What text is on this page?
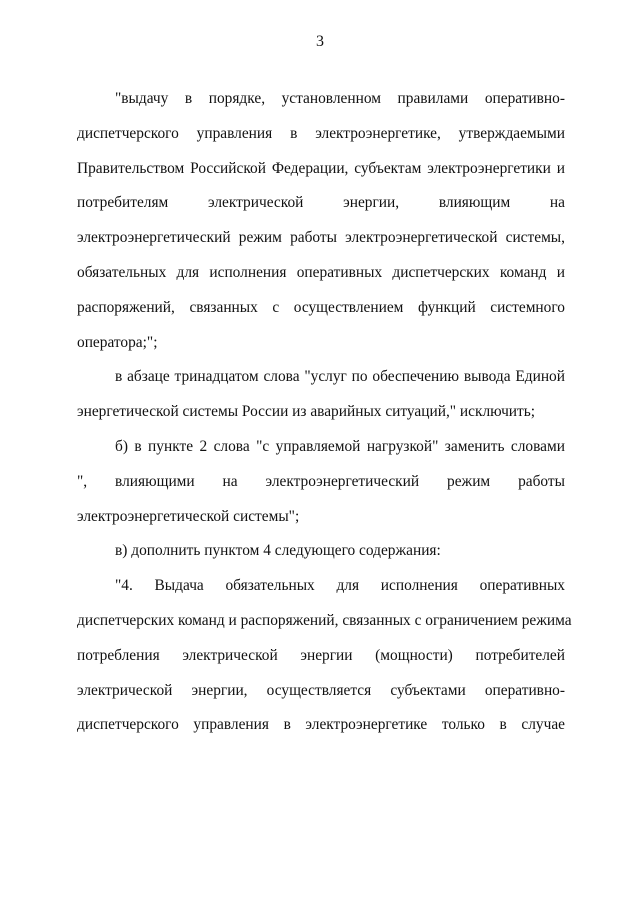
3
"выдачу в порядке, установленном правилами оперативно-
диспетчерского управления в электроэнергетике, утверждаемыми
Правительством Российской Федерации, субъектам электроэнергетики и
потребителям электрической энергии, влияющим на
электроэнергетический режим работы электроэнергетической системы,
обязательных для исполнения оперативных диспетчерских команд и
распоряжений, связанных с осуществлением функций системного
оператора;";
в абзаце тринадцатом слова "услуг по обеспечению вывода Единой
энергетической системы России из аварийных ситуаций," исключить;
б) в пункте 2 слова "с управляемой нагрузкой" заменить словами
", влияющими на электроэнергетический режим работы
электроэнергетической системы";
в) дополнить пунктом 4 следующего содержания:
"4. Выдача обязательных для исполнения оперативных
диспетчерских команд и распоряжений, связанных с ограничением режима
потребления электрической энергии (мощности) потребителей
электрической энергии, осуществляется субъектами оперативно-
диспетчерского управления в электроэнергетике только в случае
